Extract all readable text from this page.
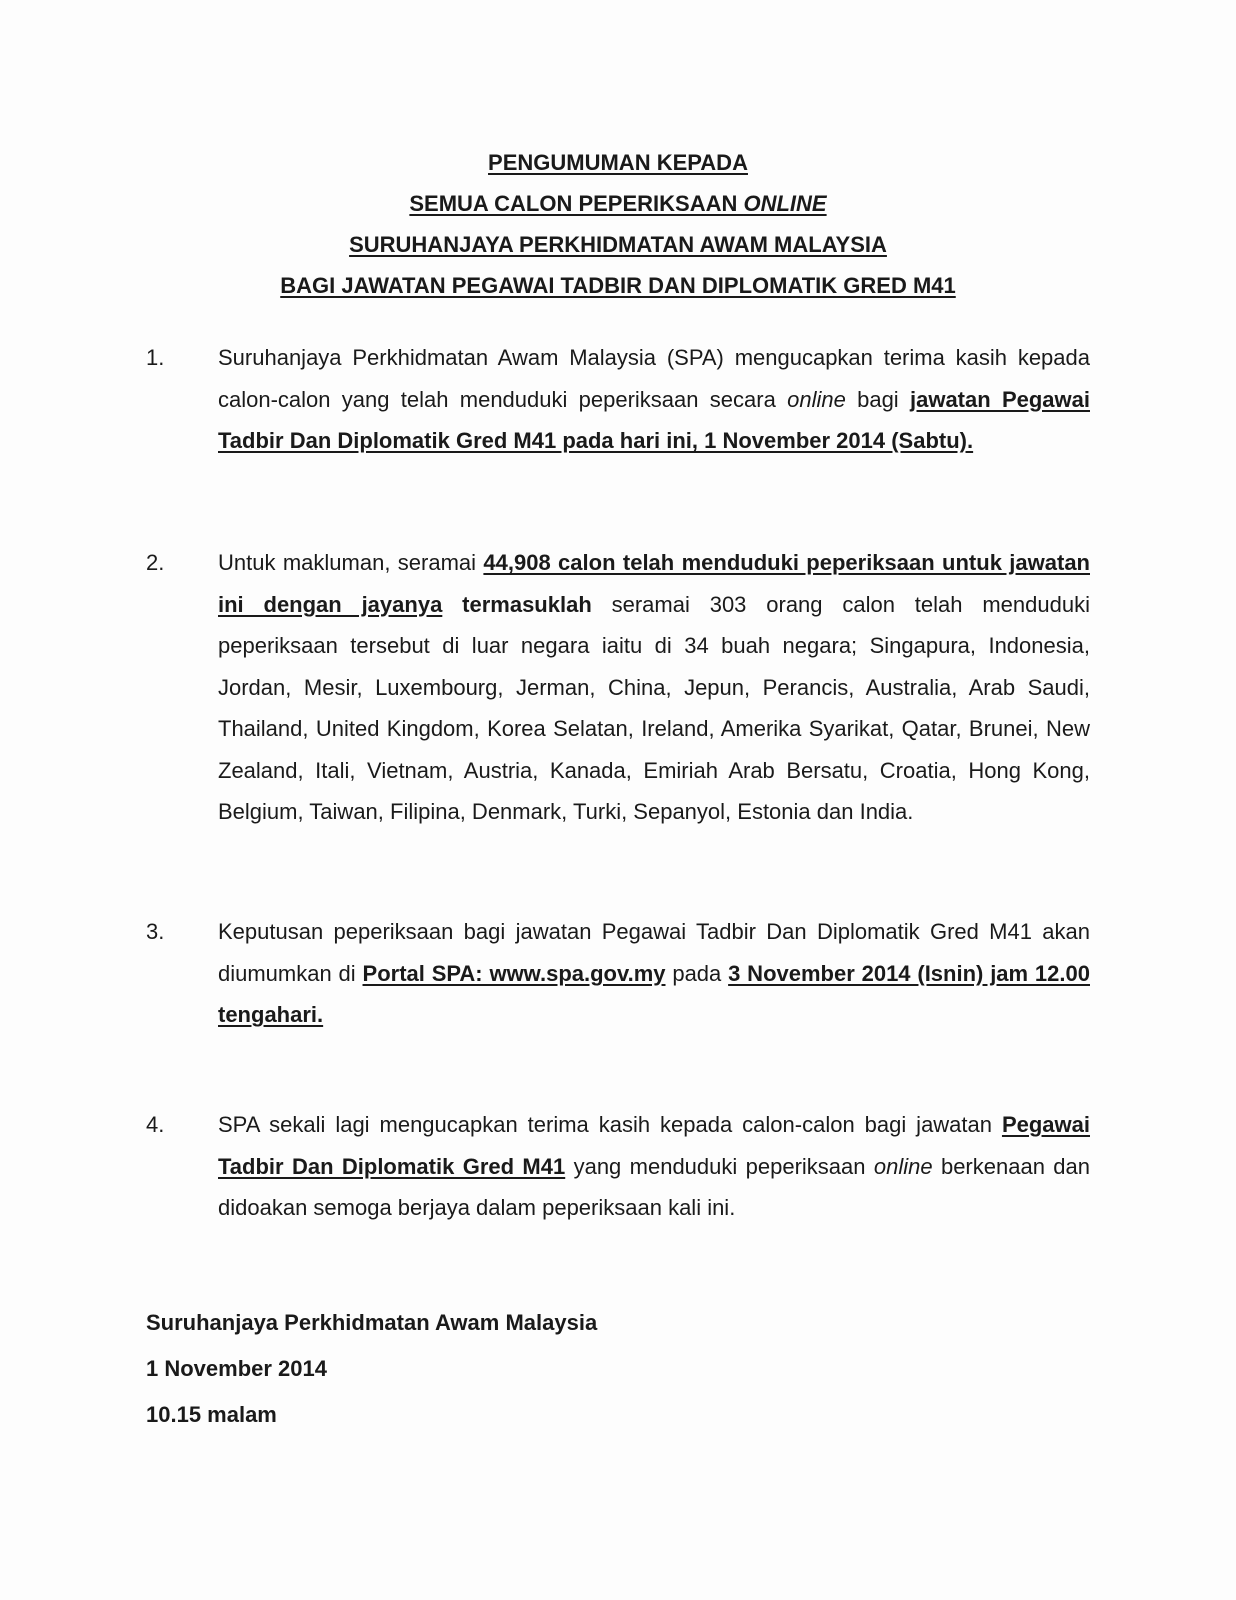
PENGUMUMAN KEPADA
SEMUA CALON PEPERIKSAAN ONLINE
SURUHANJAYA PERKHIDMATAN AWAM MALAYSIA
BAGI JAWATAN PEGAWAI TADBIR DAN DIPLOMATIK GRED M41
1.	Suruhanjaya Perkhidmatan Awam Malaysia (SPA) mengucapkan terima kasih kepada calon-calon yang telah menduduki peperiksaan secara online bagi jawatan Pegawai Tadbir Dan Diplomatik Gred M41 pada hari ini, 1 November 2014 (Sabtu).
2.	Untuk makluman, seramai 44,908 calon telah menduduki peperiksaan untuk jawatan ini dengan jayanya termasuklah seramai 303 orang calon telah menduduki peperiksaan tersebut di luar negara iaitu di 34 buah negara; Singapura, Indonesia, Jordan, Mesir, Luxembourg, Jerman, China, Jepun, Perancis, Australia, Arab Saudi, Thailand, United Kingdom, Korea Selatan, Ireland, Amerika Syarikat, Qatar, Brunei, New Zealand, Itali, Vietnam, Austria, Kanada, Emiriah Arab Bersatu, Croatia, Hong Kong, Belgium, Taiwan, Filipina, Denmark, Turki, Sepanyol, Estonia dan India.
3.	Keputusan peperiksaan bagi jawatan Pegawai Tadbir Dan Diplomatik Gred M41 akan diumumkan di Portal SPA: www.spa.gov.my pada 3 November 2014 (Isnin) jam 12.00 tengahari.
4.	SPA sekali lagi mengucapkan terima kasih kepada calon-calon bagi jawatan Pegawai Tadbir Dan Diplomatik Gred M41 yang menduduki peperiksaan online berkenaan dan didoakan semoga berjaya dalam peperiksaan kali ini.
Suruhanjaya Perkhidmatan Awam Malaysia
1 November 2014
10.15 malam
